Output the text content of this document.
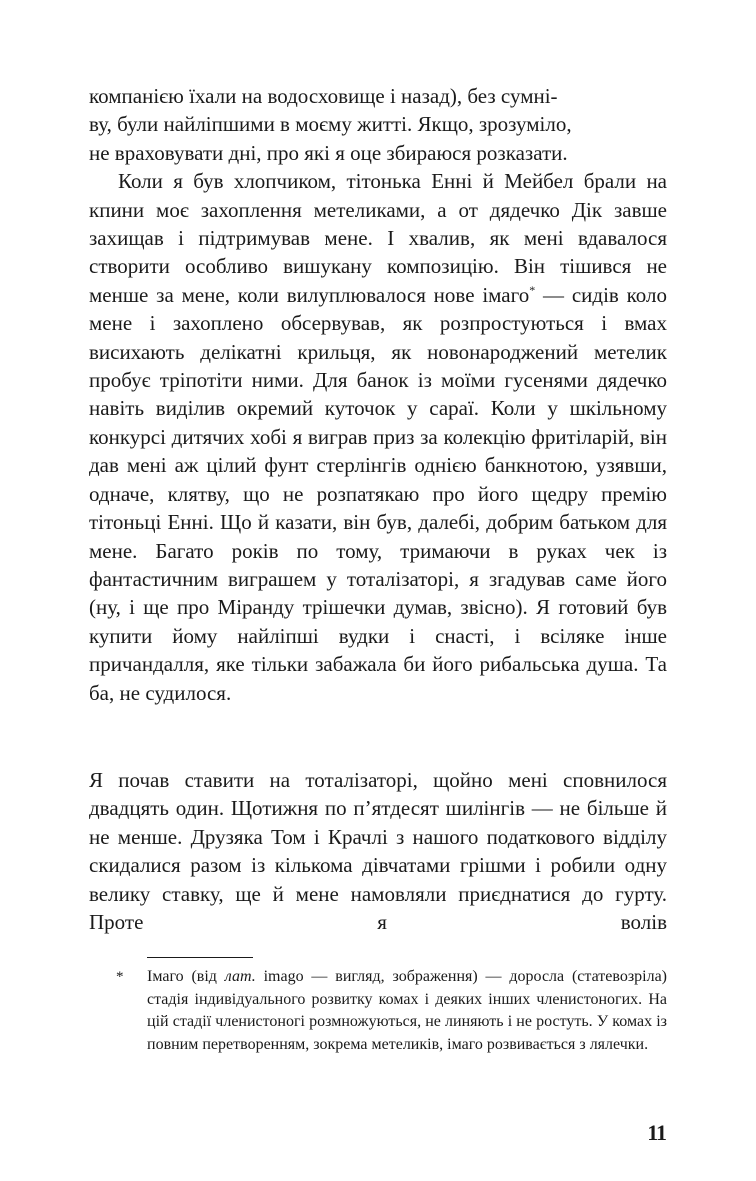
компанією їхали на водосховище і назад), без сумні-
ву, були найліпшими в моєму житті. Якщо, зрозуміло,
не враховувати дні, про які я оце збираюся розказати.

Коли я був хлопчиком, тітонька Енні й Мейбел брали на кпини моє захоплення метеликами, а от дядечко Дік завше захищав і підтримував мене. І хвалив, як мені вдавалося створити особливо вишукану композицію. Він тішився не менше за мене, коли вилуплювалося нове імаго* — сидів коло мене і захоплено обсервував, як розпростуються і вмах висихають делікатні крильця, як новонароджений метелик пробує тріпотіти ними. Для банок із моїми гусенями дядечко навіть виділив окремий куточок у сараї. Коли у шкільному конкурсі дитячих хобі я виграв приз за колекцію фритіларій, він дав мені аж цілий фунт стерлінгів однією банкнотою, узявши, одначе, клятву, що не розпатякаю про його щедру премію тітоньці Енні. Що й казати, він був, далебі, добрим батьком для мене. Багато років по тому, тримаючи в руках чек із фантастичним виграшем у тоталізаторі, я згадував саме його (ну, і ще про Міранду трішечки думав, звісно). Я готовий був купити йому найліпші вудки і снасті, і всіляке інше причандалля, яке тільки забажала би його рибальська душа. Та ба, не судилося.

Я почав ставити на тоталізаторі, щойно мені сповнилося двадцять один. Щотижня по п’ятдесят шилінгів — не більше й не менше. Друзяка Том і Крачлі з нашого податкового відділу скидалися разом із кількома дівчатами грішми і робили одну велику ставку, ще й мене намовляли приєднатися до гурту. Проте я волів

* Імаго (від лат. imago — вигляд, зображення) — доросла (статевозріла) стадія індивідуального розвитку комах і деяких інших членистоногих. На цій стадії членистоногі розмножуються, не линяють і не ростуть. У комах із повним перетворенням, зокрема метеликів, імаго розвивається з лялечки.
11
